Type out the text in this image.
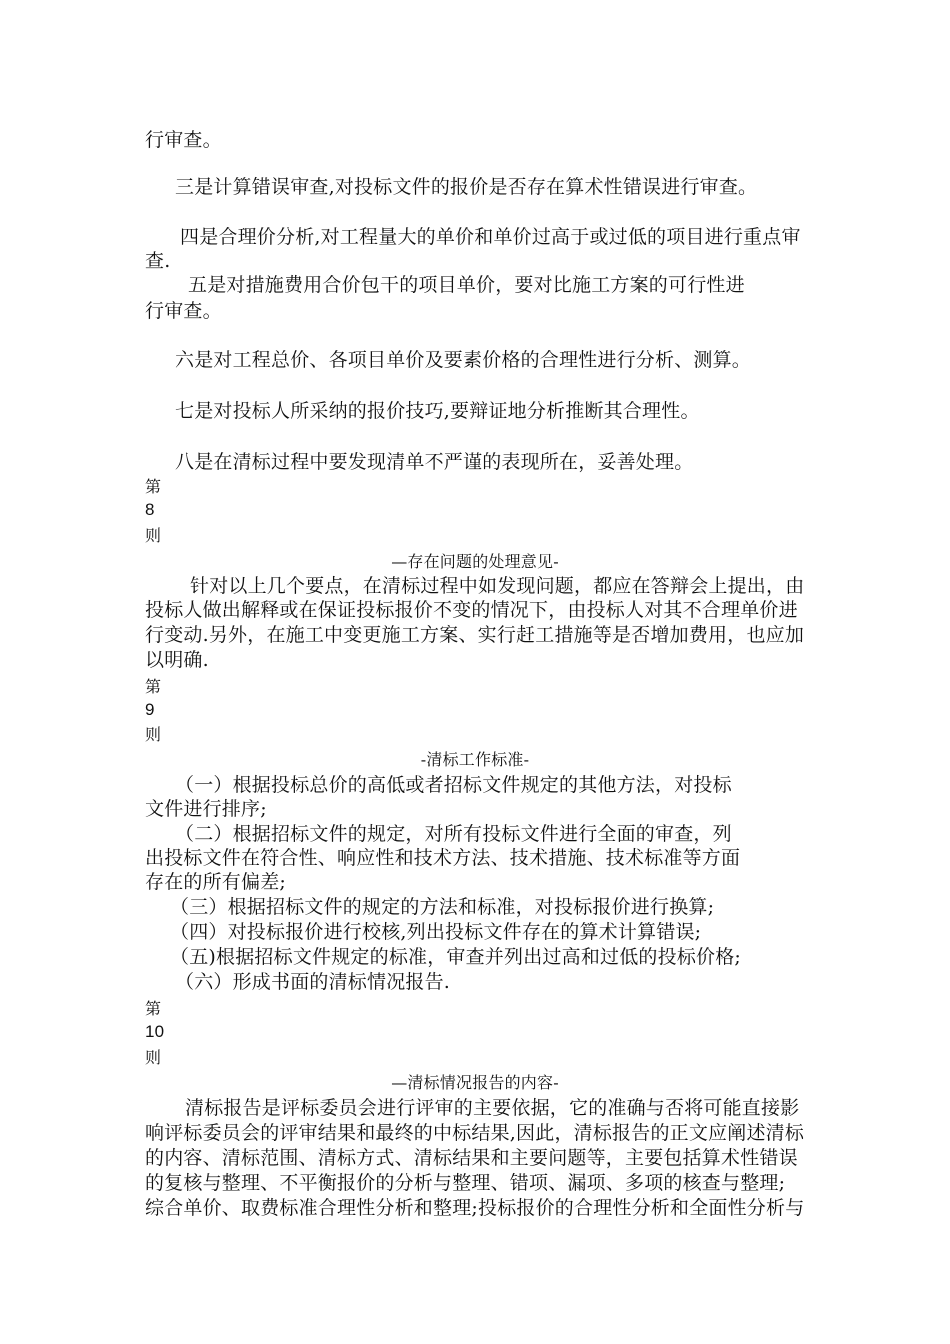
行审查。
三是计算错误审查,对投标文件的报价是否存在算术性错误进行审查。
四是合理价分析,对工程量大的单价和单价过高于或过低的项目进行重点审
查.
五是对措施费用合价包干的项目单价，要对比施工方案的可行性进
行审查。
六是对工程总价、各项目单价及要素价格的合理性进行分析、测算。
七是对投标人所采纳的报价技巧,要辩证地分析推断其合理性。
八是在清标过程中要发现清单不严谨的表现所在，妥善处理。
第
8
则
—存在问题的处理意见-
针对以上几个要点，在清标过程中如发现问题，都应在答辩会上提出，由
投标人做出解释或在保证投标报价不变的情况下，由投标人对其不合理单价进
行变动.另外，在施工中变更施工方案、实行赶工措施等是否增加费用，也应加
以明确.
第
9
则
-清标工作标准-
（一）根据投标总价的高低或者招标文件规定的其他方法，对投标
文件进行排序;
（二）根据招标文件的规定，对所有投标文件进行全面的审查，列
出投标文件在符合性、响应性和技术方法、技术措施、技术标准等方面
存在的所有偏差;
（三）根据招标文件的规定的方法和标准，对投标报价进行换算;
（四）对投标报价进行校核,列出投标文件存在的算术计算错误;
（五)根据招标文件规定的标准，审查并列出过高和过低的投标价格;
（六）形成书面的清标情况报告.
第
10
则
—清标情况报告的内容-
清标报告是评标委员会进行评审的主要依据，它的准确与否将可能直接影
响评标委员会的评审结果和最终的中标结果,因此，清标报告的正文应阐述清标
的内容、清标范围、清标方式、清标结果和主要问题等，主要包括算术性错误
的复核与整理、不平衡报价的分析与整理、错项、漏项、多项的核查与整理;
综合单价、取费标准合理性分析和整理;投标报价的合理性分析和全面性分析与
